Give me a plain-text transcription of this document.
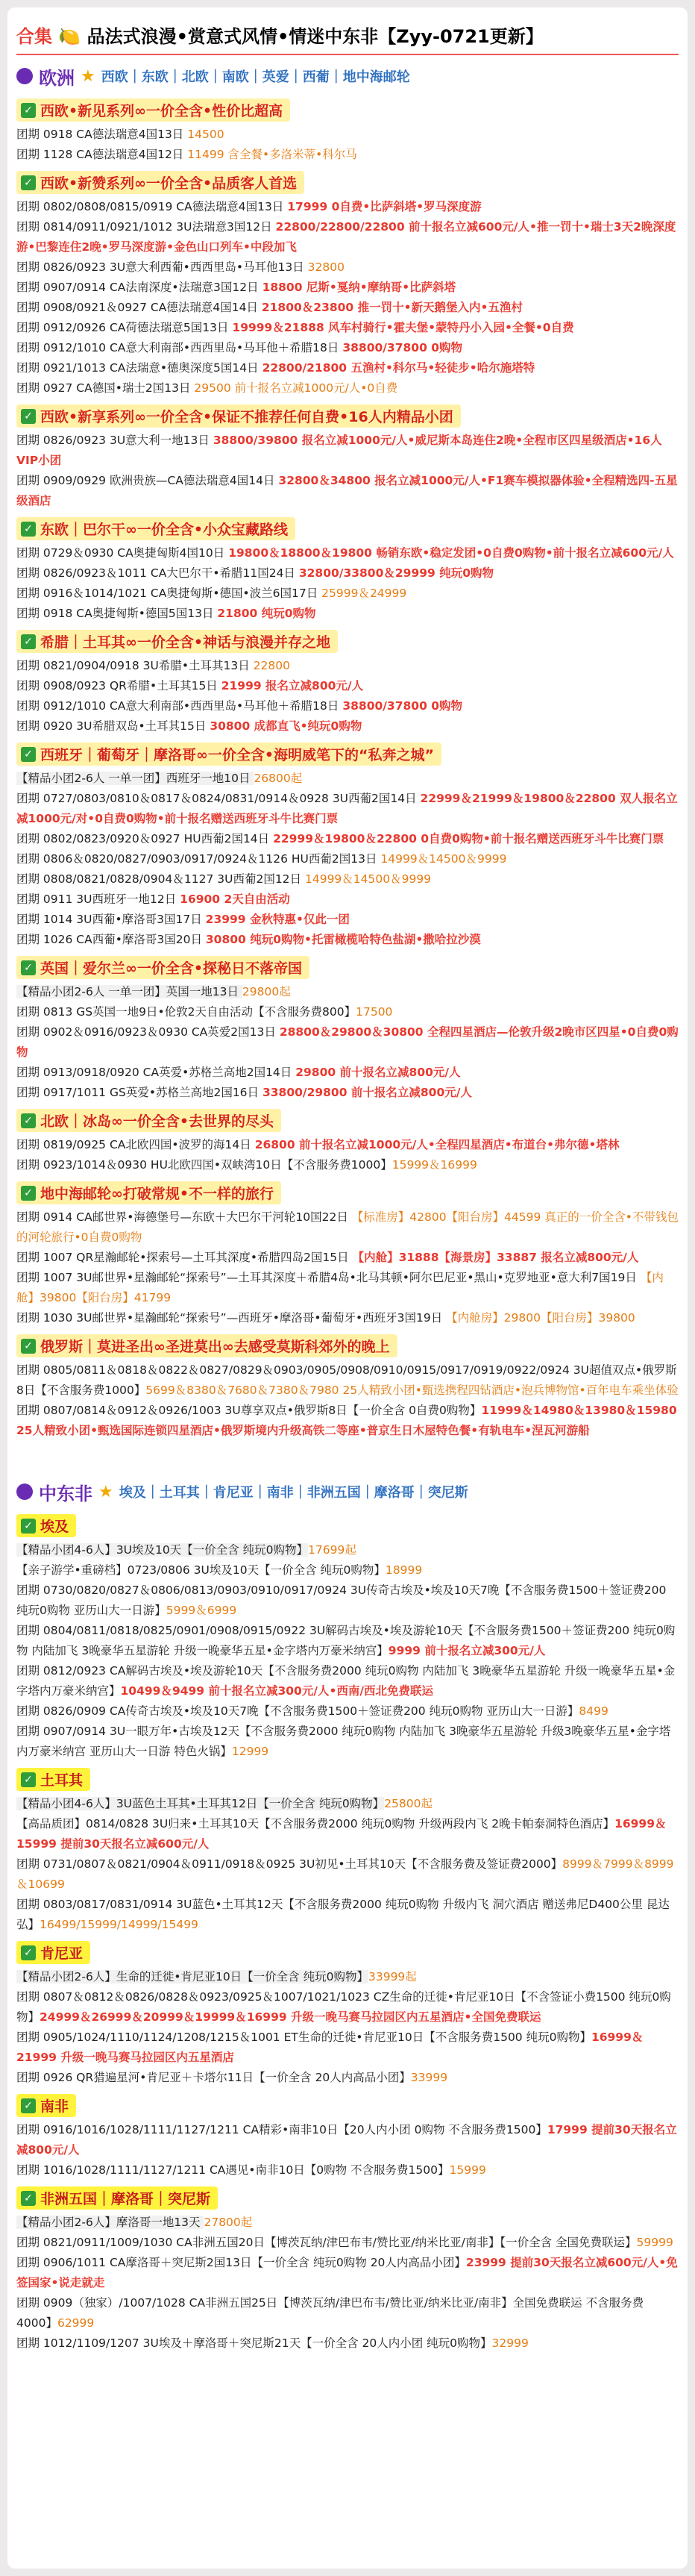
合集 🍋 品法式浪漫•赏意式风情•情迷中东非【Zyy-0721更新】
欧洲 ★ 西欧｜东欧｜北欧｜南欧｜英爱｜西葡｜地中海邮轮
✓ 西欧•新见系列∞一价全含•性价比超高
团期 0918 CA德法瑞意4国13日 14500
团期 1128 CA德法瑞意4国12日 11499 含全餐•多洛米蒂•科尔马
✓ 西欧•新赞系列∞一价全含•品质客人首选
团期 0802/0808/0815/0919 CA德法瑞意4国13日 17999 0自费•比萨斜塔•罗马深度游
团期 0814/0911/0921/1012 3U法瑞意3国12日 22800/22800/22800 前十报名立减600元/人•推一罚十•瑞士3天2晚深度游•巴黎连住2晚•罗马深度游•金色山口列车•中段加飞
团期 0826/0923 3U意大利西葡•西西里岛•马耳他13日 32800
团期 0907/0914 CA法南深度•法瑞意3国12日 18800 尼斯•戛纳•摩纳哥•比萨斜塔
团期 0908/0921＆0927 CA德法瑞意4国14日 21800＆23800 推一罚十•新天鹅堡入内•五渔村
团期 0912/0926 CA荷德法瑞意5国13日 19999＆21888 风车村骑行•霍夫堡•蒙特丹小入园•全餐•0自费
团期 0912/1010 CA意大利南部•西西里岛•马耳他＋希腊18日 38800/37800 0购物
团期 0921/1013 CA法瑞意•德奥深度5国14日 22800/21800 五渔村•科尔马•轻徒步•哈尔施塔特
团期 0927 CA德国•瑞士2国13日 29500 前十报名立减1000元/人•0自费
✓ 西欧•新享系列∞一价全含•保证不推荐任何自费•16人内精品小团
团期 0826/0923 3U意大利一地13日 38800/39800 报名立减1000元/人•威尼斯本岛连住2晚•全程市区四星级酒店•16人VIP小团
团期 0909/0929 欧洲贵族—CA德法瑞意4国14日 32800＆34800 报名立减1000元/人•F1赛车模拟器体验•全程精选四-五星级酒店
✓ 东欧｜巴尔干∞一价全含•小众宝藏路线
团期 0729＆0930 CA奥捷匈斯4国10日 19800＆18800＆19800 畅销东欧•稳定发团•0自费0购物•前十报名立减600元/人
团期 0826/0923＆1011 CA大巴尔干•希腊11国24日 32800/33800＆29999 纯玩0购物
团期 0916＆1014/1021 CA奥捷匈斯•德国•波兰6国17日 25999＆24999
团期 0918 CA奥捷匈斯•德国5国13日 21800 纯玩0购物
✓ 希腊｜土耳其∞一价全含•神话与浪漫并存之地
团期 0821/0904/0918 3U希腊•土耳其13日 22800
团期 0908/0923 QR希腊•土耳其15日 21999 报名立减800元/人
团期 0912/1010 CA意大利南部•西西里岛•马耳他＋希腊18日 38800/37800 0购物
团期 0920 3U希腊双岛•土耳其15日 30800 成都直飞•纯玩0购物
✓ 西班牙｜葡萄牙｜摩洛哥∞一价全含•海明威笔下的“私奔之城”
【精品小团2-6人 一单一团】西班牙一地10日 26800起
团期 0727/0803/0810＆0817＆0824/0831/0914＆0928 3U西葡2国14日 22999＆21999＆19800＆22800 双人报名立减1000元/对•0自费0购物•前十报名赠送西班牙斗牛比赛门票
团期 0802/0823/0920＆0927 HU西葡2国14日 22999＆19800＆22800 0自费0购物•前十报名赠送西班牙斗牛比赛门票
团期 0806＆0820/0827/0903/0917/0924＆1126 HU西葡2国13日 14999＆14500＆9999
团期 0808/0821/0828/0904＆1127 3U西葡2国12日 14999＆14500＆9999
团期 0911 3U西班牙一地12日 16900 2天自由活动
团期 1014 3U西葡•摩洛哥3国17日 23999 金秋特惠•仅此一团
团期 1026 CA西葡•摩洛哥3国20日 30800 纯玩0购物•托雷橄榄哈特色盐湖•撒哈拉沙漠
✓ 英国｜爱尔兰∞一价全含•探秘日不落帝国
【精品小团2-6人 一单一团】英国一地13日 29800起
团期 0813 GS英国一地9日•伦敦2天自由活动【不含服务费800】17500
团期 0902＆0916/0923＆0930 CA英爱2国13日 28800＆29800＆30800 全程四星酒店—伦敦升级2晚市区四星•0自费0购物
团期 0913/0918/0920 CA英爱•苏格兰高地2国14日 29800 前十报名立减800元/人
团期 0917/1011 GS英爱•苏格兰高地2国16日 33800/29800 前十报名立减800元/人
✓ 北欧｜冰岛∞一价全含•去世界的尽头
团期 0819/0925 CA北欧四国•波罗的海14日 26800 前十报名立减1000元/人•全程四星酒店•布道台•弗尔德•塔林
团期 0923/1014＆0930 HU北欧四国•双峡湾10日【不含服务费1000】15999＆16999
✓ 地中海邮轮∞打破常规•不一样的旅行
团期 0914 CA邮世界•海德堡号—东欧＋大巴尔干河轮10国22日 【标准房】42800【阳台房】44599 真正的一价全含•不带钱包的河轮旅行•0自费0购物
团期 1007 QR星瀚邮轮•探索号—土耳其深度•希腊四岛2国15日 【内舱】31888【海景房】33887 报名立减800元/人
团期 1007 3U邮世界•星瀚邮轮“探索号”—土耳其深度＋希腊4岛•北马其顿•阿尔巴尼亚•黑山•克罗地亚•意大利7国19日 【内舱】39800【阳台房】41799
团期 1030 3U邮世界•星瀚邮轮“探索号”—西班牙•摩洛哥•葡萄牙•西班牙3国19日 【内舱房】29800【阳台房】39800
✓ 俄罗斯｜莫进圣出∞圣进莫出∞去感受莫斯科郊外的晚上
团期 0805/0811＆0818＆0822＆0827/0829＆0903/0905/0908/0910/0915/0917/0919/0922/0924 3U超值双点•俄罗斯8日【不含服务费1000】5699＆8380＆7680＆7380＆7980 25人精致小团•甄选携程四钻酒店•泡兵博物馆•百年电车乘坐体验
团期 0807/0814＆0912＆0926/1003 3U尊享双点•俄罗斯8日【一价全含 0自费0购物】11999＆14980＆13980＆15980 25人精致小团•甄选国际连锁四星酒店•俄罗斯境内升级高铁二等座•普京生日木屋特色餐•有轨电车•涅瓦河游船
中东非 ★ 埃及｜土耳其｜肯尼亚｜南非｜非洲五国｜摩洛哥｜突尼斯
✓ 埃及
【精品小团4-6人】3U埃及10天【一价全含 纯玩0购物】17699起
【亲子游学•重磅档】0723/0806 3U埃及10天【一价全含 纯玩0购物】18999
团期 0730/0820/0827＆0806/0813/0903/0910/0917/0924 3U传奇古埃及•埃及10天7晚【不含服务费1500＋签证费200 纯玩0购物 亚历山大一日游】5999＆6999
团期 0804/0811/0818/0825/0901/0908/0915/0922 3U解码古埃及•埃及游轮10天【不含服务费1500＋签证费200 纯玩0购物 内陆加飞 3晚豪华五星游轮 升级一晚豪华五星•金字塔内万豪米纳宫】9999 前十报名立减300元/人
团期 0812/0923 CA解码古埃及•埃及游轮10天【不含服务费2000 纯玩0购物 内陆加飞 3晚豪华五星游轮 升级一晚豪华五星•金字塔内万豪米纳宫】10499＆9499 前十报名立减300元/人•西南/西北免费联运
团期 0826/0909 CA传奇古埃及•埃及10天7晚【不含服务费1500＋签证费200 纯玩0购物 亚历山大一日游】8499
团期 0907/0914 3U一眼万年•古埃及12天【不含服务费2000 纯玩0购物 内陆加飞 3晚豪华五星游轮 升级3晚豪华五星•金字塔内万豪米纳宫 亚历山大一日游 特色火锅】12999
✓ 土耳其
【精品小团4-6人】3U蓝色土耳其•土耳其12日【一价全含 纯玩0购物】25800起
【高品质团】0814/0828 3U归来•土耳其10天【不含服务费2000 纯玩0购物 升级两段内飞 2晚卡帕泰洞特色酒店】16999＆15999 提前30天报名立减600元/人
团期 0731/0807＆0821/0904＆0911/0918＆0925 3U初见•土耳其10天【不含服务费及签证费2000】8999＆7999＆8999＆10699
团期 0803/0817/0831/0914 3U蓝色•土耳其12天【不含服务费2000 纯玩0购物 升级内飞 洞穴酒店 赠送弗尼D400公里 昆达弘】16499/15999/14999/15499
✓ 肯尼亚
【精品小团2-6人】生命的迁徙•肯尼亚10日【一价全含 纯玩0购物】33999起
团期 0807＆0812＆0826/0828＆0923/0925＆1007/1021/1023 CZ生命的迁徙•肯尼亚10日【不含签证小费1500 纯玩0购物】24999＆26999＆20999＆19999＆16999 升级一晚马赛马拉园区内五星酒店•全国免费联运
团期 0905/1024/1110/1124/1208/1215＆1001 ET生命的迁徙•肯尼亚10日【不含服务费1500 纯玩0购物】16999＆21999 升级一晚马赛马拉园区内五星酒店
团期 0926 QR猎遍星河•肯尼亚＋卡塔尔11日【一价全含 20人内高品小团】33999
✓ 南非
团期 0916/1016/1028/1111/1127/1211 CA精彩•南非10日【20人内小团 0购物 不含服务费1500】17999 提前30天报名立减800元/人
团期 1016/1028/1111/1127/1211 CA遇见•南非10日【0购物 不含服务费1500】15999
✓ 非洲五国｜摩洛哥｜突尼斯
【精品小团2-6人】摩洛哥一地13天 27800起
团期 0821/0911/1009/1030 CA非洲五国20日【博茨瓦纳/津巴布韦/赞比亚/纳米比亚/南非】【一价全含 全国免费联运】59999
团期 0906/1011 CA摩洛哥＋突尼斯2国13日【一价全含 纯玩0购物 20人内高品小团】23999 提前30天报名立减600元/人•免签国家•说走就走
团期 0909（独家）/1007/1028 CA非洲五国25日【博茨瓦纳/津巴布韦/赞比亚/纳米比亚/南非】全国免费联运 不含服务费4000】62999
团期 1012/1109/1207 3U埃及＋摩洛哥＋突尼斯21天【一价全含 20人内小团 纯玩0购物】32999
